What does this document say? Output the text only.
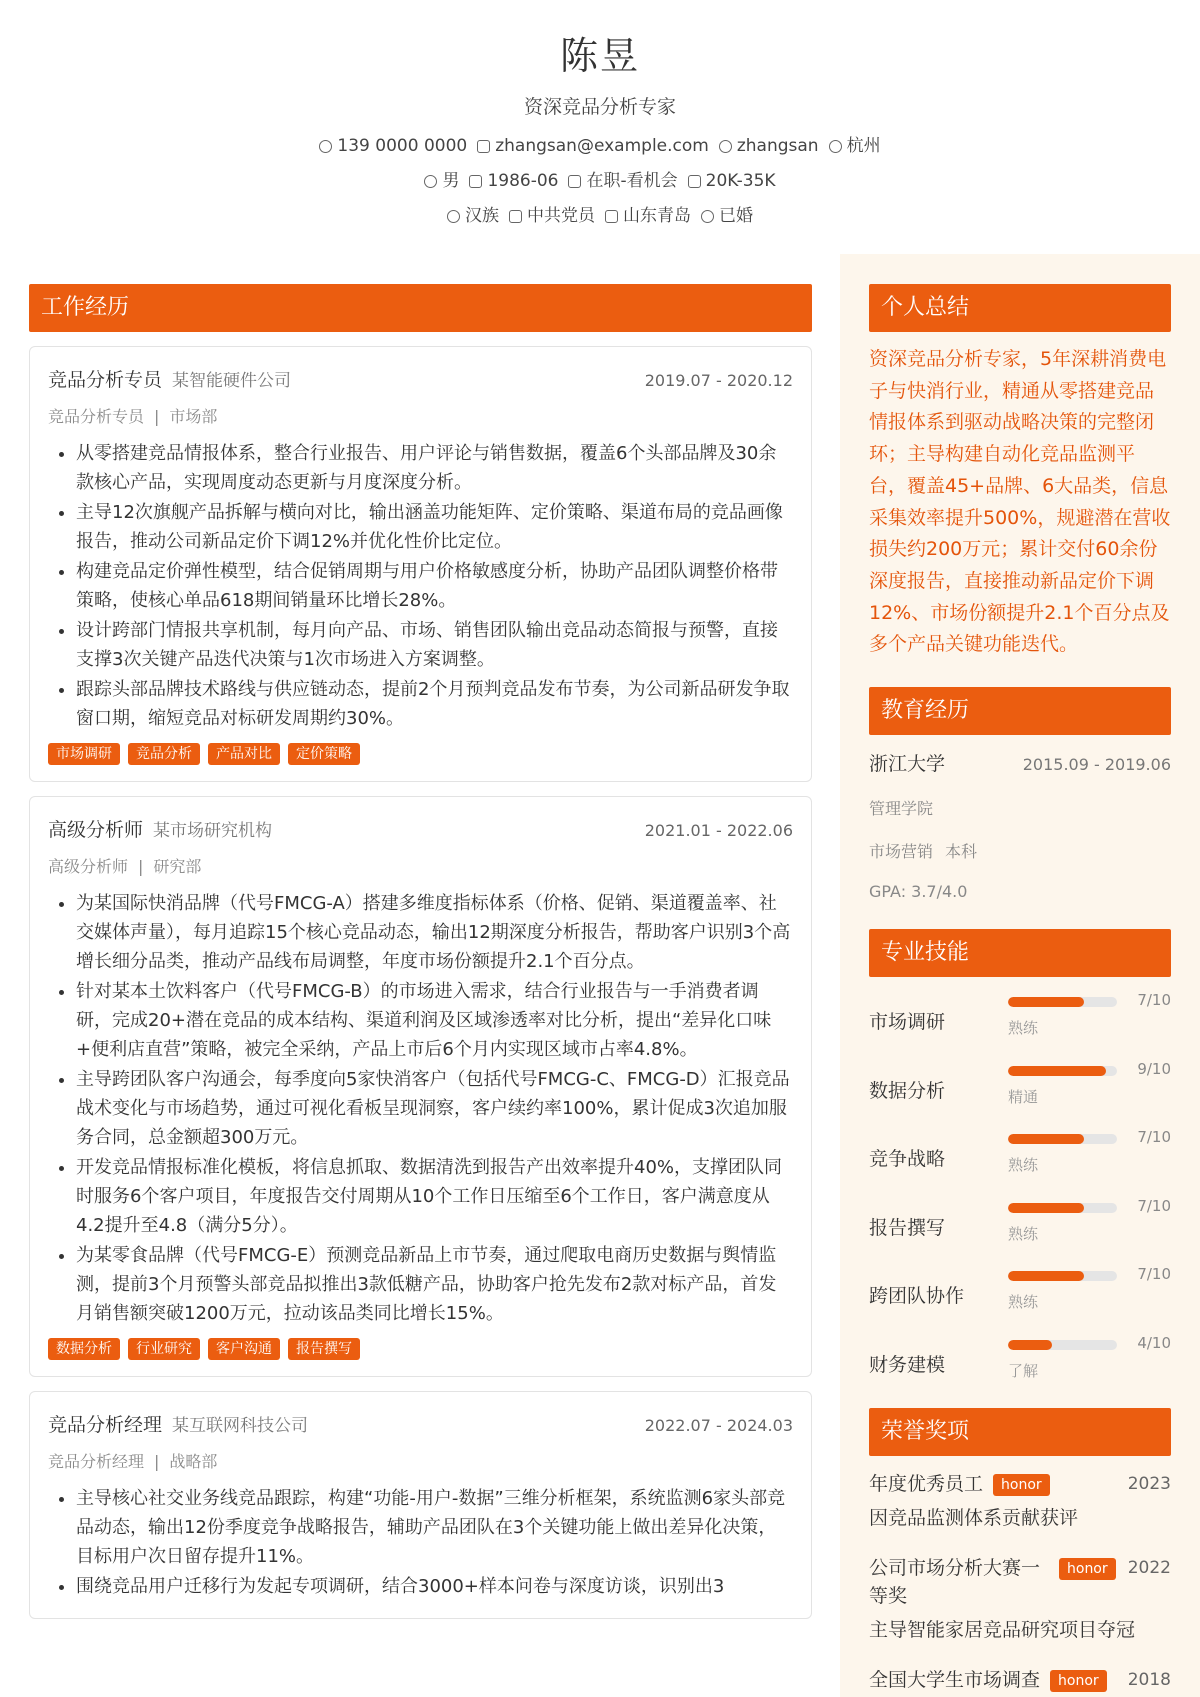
陈昱
资深竞品分析专家
139 0000 0000 zhangsan@example.com zhangsan 杭州
男 1986-06 在职-看机会 20K-35K
汉族 中共党员 山东青岛 已婚
工作经历
竞品分析专员 某智能硬件公司	2019.07 - 2020.12
竞品分析专员 | 市场部
• 从零搭建竞品情报体系，整合行业报告、用户评论与销售数据，覆盖6个头部品牌及30余款核心产品，实现周度动态更新与月度深度分析。
• 主导12次旗舰产品拆解与横向对比，输出涵盖功能矩阵、定价策略、渠道布局的竞品画像报告，推动公司新品定价下调12%并优化性价比定位。
• 构建竞品定价弹性模型，结合促销周期与用户价格敏感度分析，协助产品团队调整价格带策略，使核心单品618期间销量环比增长28%。
• 设计跨部门情报共享机制，每月向产品、市场、销售团队输出竞品动态简报与预警，直接支撑3次关键产品迭代决策与1次市场进入方案调整。
• 跟踪头部品牌技术路线与供应链动态，提前2个月预判竞品发布节奏，为公司新品研发争取窗口期，缩短竞品对标研发周期约30%。
市场调研	竞品分析	产品对比	定价策略
高级分析师 某市场研究机构	2021.01 - 2022.06
高级分析师 | 研究部
• 为某国际快消品牌（代号FMCG-A）搭建多维度指标体系（价格、促销、渠道覆盖率、社交媒体声量），每月追踪15个核心竞品动态，输出12期深度分析报告，帮助客户识别3个高增长细分品类，推动产品线布局调整，年度市场份额提升2.1个百分点。
• 针对某本土饮料客户（代号FMCG-B）的市场进入需求，结合行业报告与一手消费者调研，完成20+潜在竞品的成本结构、渠道利润及区域渗透率对比分析，提出“差异化口味+便利店直营”策略，被完全采纳，产品上市后6个月内实现区域市占率4.8%。
• 主导跨团队客户沟通会，每季度向5家快消客户（包括代号FMCG-C、FMCG-D）汇报竞品战术变化与市场趋势，通过可视化看板呈现洞察，客户续约率100%，累计促成3次追加服务合同，总金额超300万元。
• 开发竞品情报标准化模板，将信息抓取、数据清洗到报告产出效率提升40%，支撑团队同时服务6个客户项目，年度报告交付周期从10个工作日压缩至6个工作日，客户满意度从4.2提升至4.8（满分5分）。
• 为某零食品牌（代号FMCG-E）预测竞品新品上市节奏，通过爬取电商历史数据与舆情监测，提前3个月预警头部竞品拟推出3款低糖产品，协助客户抢先发布2款对标产品，首发月销售额突破1200万元，拉动该品类同比增长15%。
数据分析	行业研究	客户沟通	报告撰写
竞品分析经理 某互联网科技公司	2022.07 - 2024.03
竞品分析经理 | 战略部
• 主导核心社交业务线竞品跟踪，构建“功能-用户-数据”三维分析框架，系统监测6家头部竞品动态，输出12份季度竞争战略报告，辅助产品团队在3个关键功能上做出差异化决策，目标用户次日留存提升11%。
• 围绕竞品用户迁移行为发起专项调研，结合3000+样本问卷与深度访谈，识别出3
个人总结
资深竞品分析专家，5年深耕消费电子与快消行业，精通从零搭建竞品情报体系到驱动战略决策的完整闭环；主导构建自动化竞品监测平台，覆盖45+品牌、6大品类，信息采集效率提升500%，规避潜在营收损失约200万元；累计交付60余份深度报告，直接推动新品定价下调12%、市场份额提升2.1个百分点及多个产品关键功能迭代。
教育经历
浙江大学	2015.09 - 2019.06
管理学院
市场营销 本科
GPA: 3.7/4.0
专业技能
市场调研
7/10
熟练
数据分析
9/10
精通
竞争战略
7/10
熟练
报告撰写
7/10
熟练
跨团队协作
7/10
熟练
财务建模
4/10
了解
荣誉奖项
年度优秀员工	honor	2023
因竞品监测体系贡献获评
公司市场分析大赛一等奖
honor	2022
主导智能家居竞品研究项目夺冠
全国大学生市场调查	honor	2018
